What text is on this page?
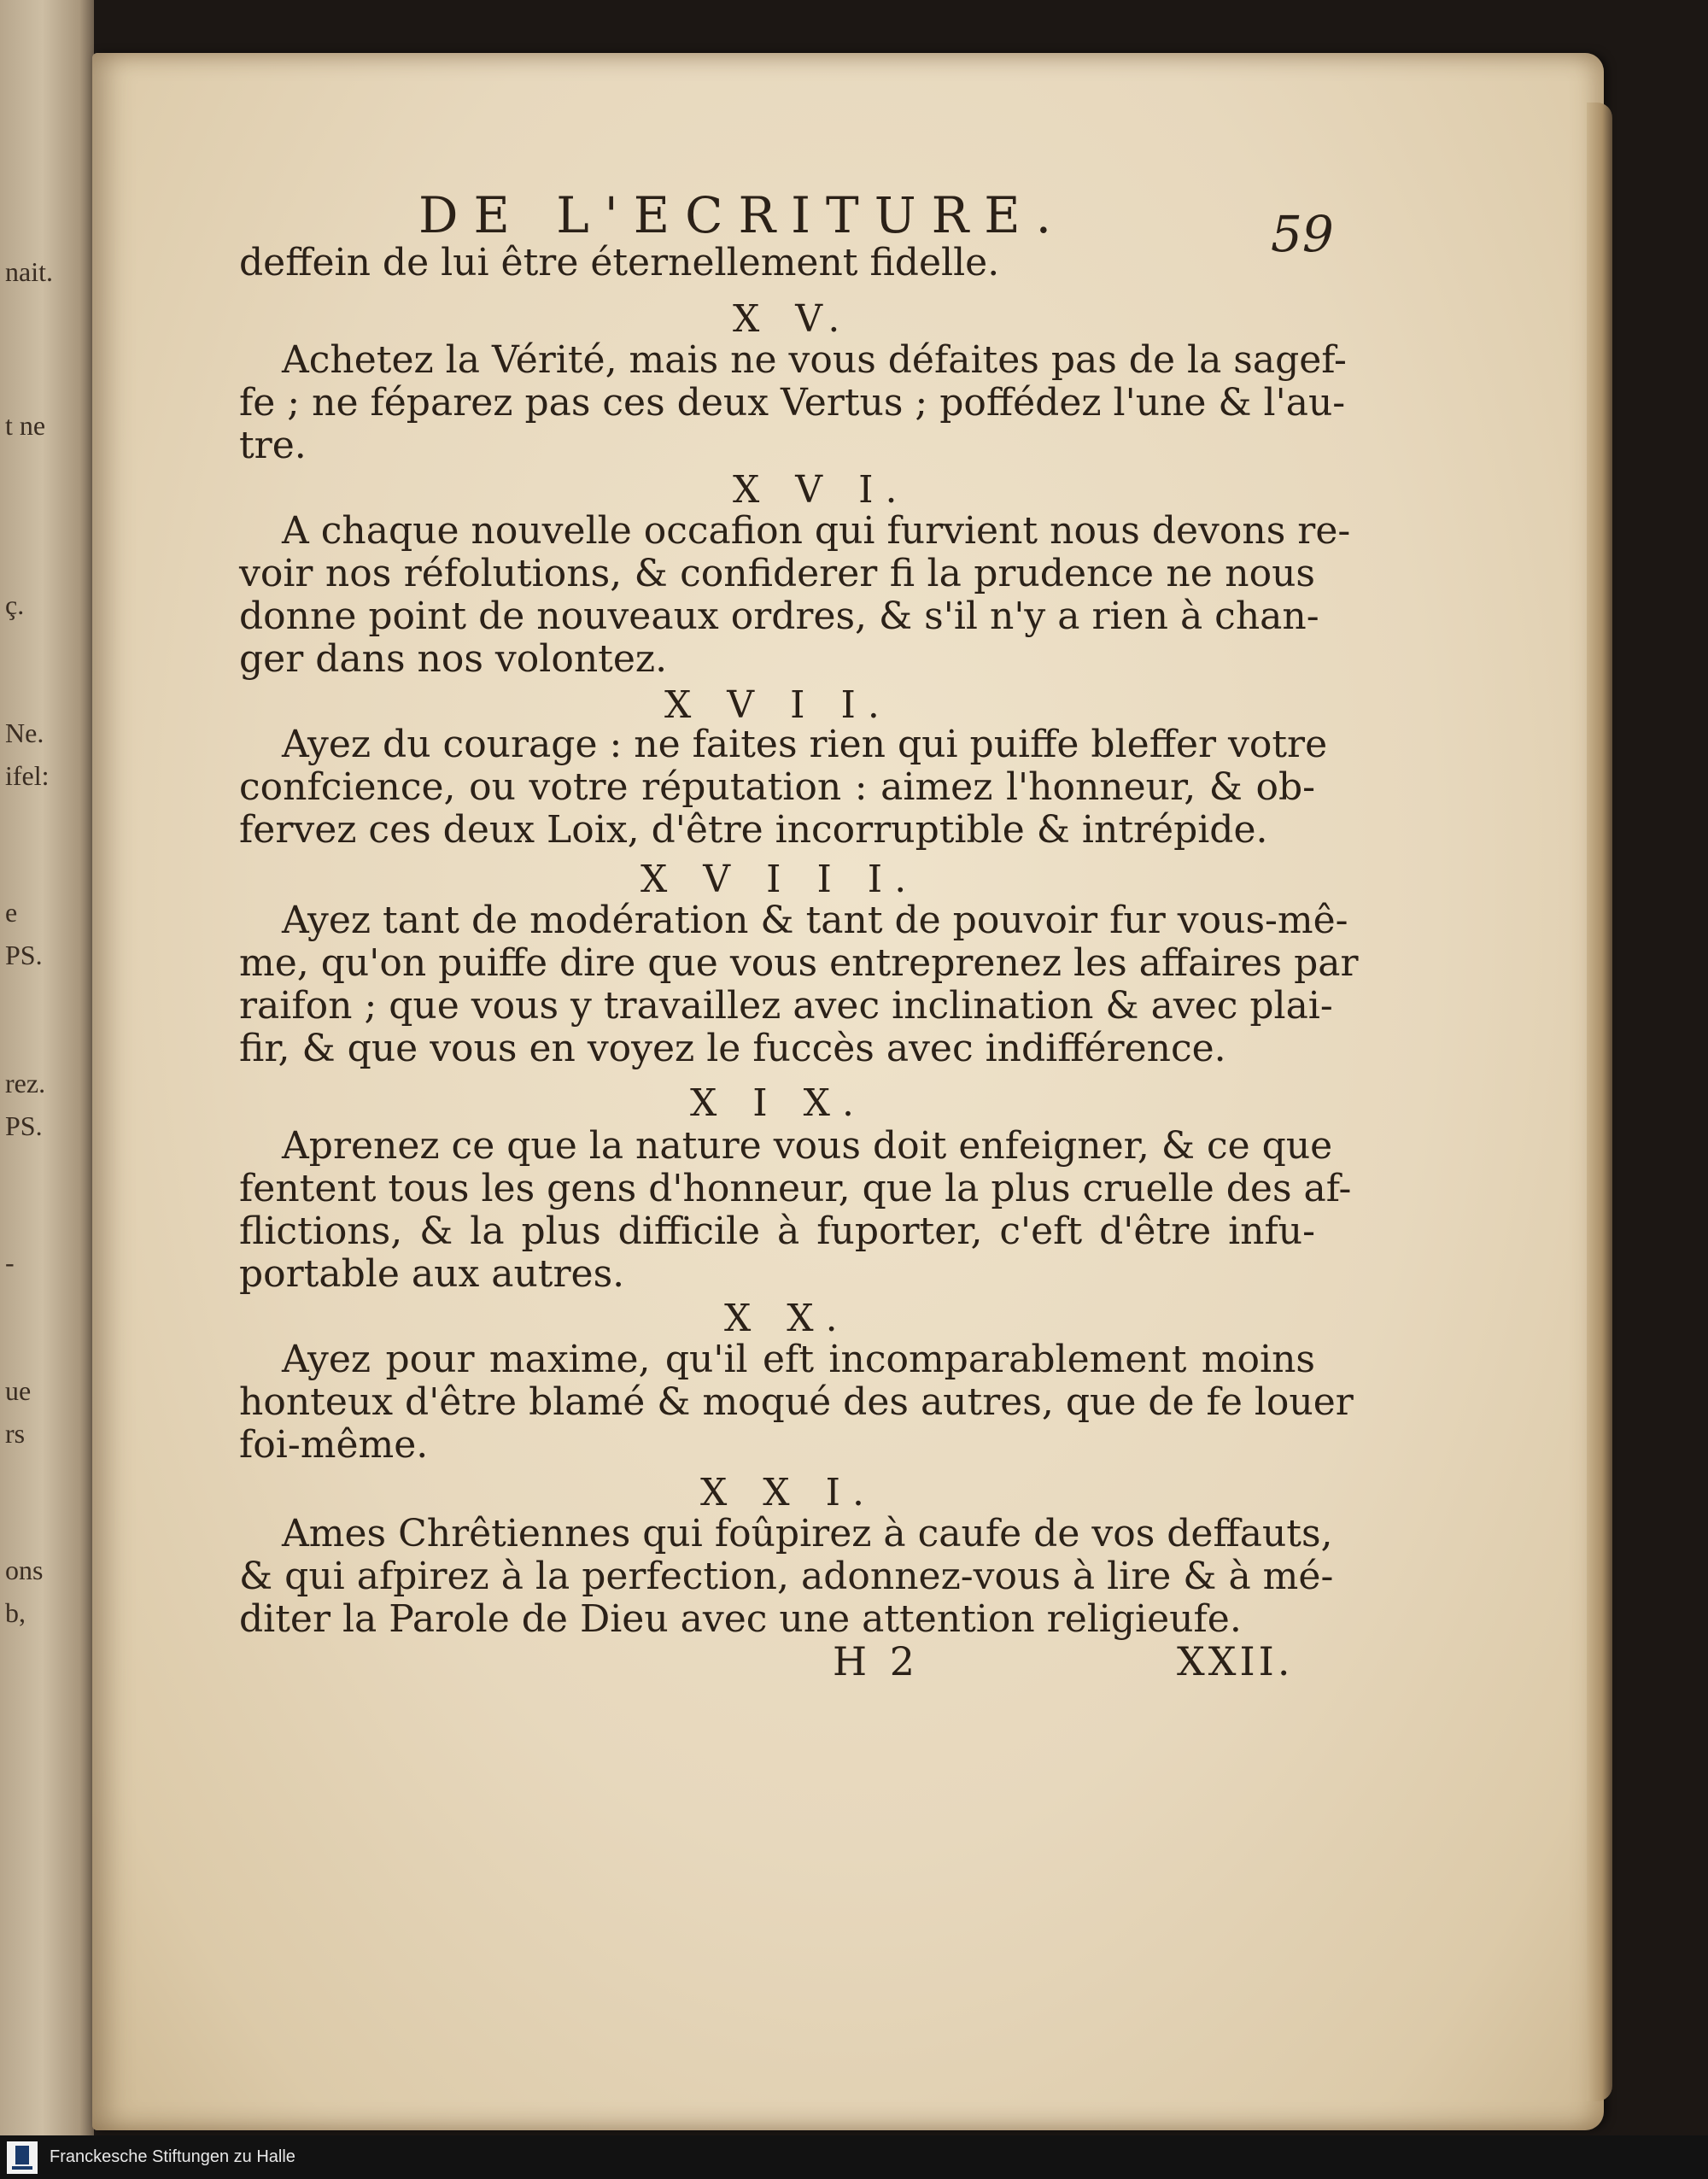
nait.
t ne
ç.
Ne.
ifel:
e
PS.
rez.
PS.
-
ue
rs
ons
b,
DE L'ECRITURE.	59
deffein de lui être éternellement fidelle.
X V.
Achetez la Vérité, mais ne vous défaites pas de la sagef-
fe ; ne féparez pas ces deux Vertus ; poffédez l'une & l'au-
tre.
X V I.
A chaque nouvelle occafion qui furvient nous devons re-
voir nos réfolutions, & confiderer fi la prudence ne nous
donne point de nouveaux ordres, & s'il n'y a rien à chan-
ger dans nos volontez.
X V I I.
Ayez du courage : ne faites rien qui puiffe bleffer votre
confcience, ou votre réputation : aimez l'honneur, & ob-
fervez ces deux Loix, d'être incorruptible & intrépide.
X V I I I.
Ayez tant de modération & tant de pouvoir fur vous-mê-
me, qu'on puiffe dire que vous entreprenez les affaires par
raifon ; que vous y travaillez avec inclination & avec plai-
fir, & que vous en voyez le fuccès avec indifférence.
X I X.
Aprenez ce que la nature vous doit enfeigner, & ce que
fentent tous les gens d'honneur, que la plus cruelle des af-
flictions, & la plus difficile à fuporter, c'eft d'être infu-
portable aux autres.
X X.
Ayez pour maxime, qu'il eft incomparablement moins
honteux d'être blamé & moqué des autres, que de fe louer
foi-même.
X X I.
Ames Chrêtiennes qui foûpirez à caufe de vos deffauts,
& qui afpirez à la perfection, adonnez-vous à lire & à mé-
diter la Parole de Dieu avec une attention religieufe.
H 2	XXII.
Franckesche Stiftungen zu Halle
